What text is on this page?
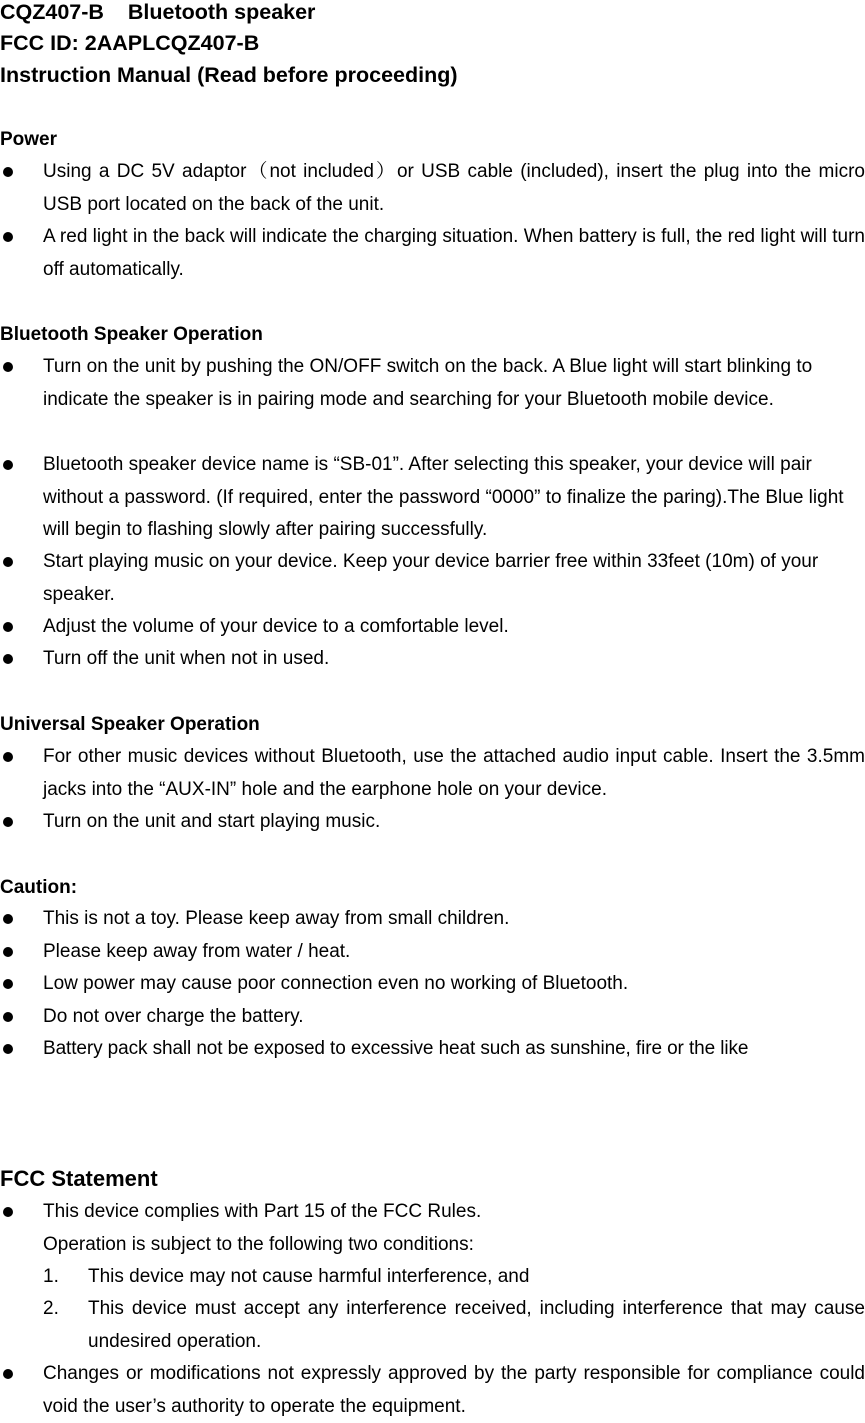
CQZ407-B Bluetooth speaker
FCC ID: 2AAPLCQZ407-B
Instruction Manual (Read before proceeding)
Power
Using a DC 5V adaptor（not included）or USB cable (included), insert the plug into the micro USB port located on the back of the unit.
A red light in the back will indicate the charging situation. When battery is full, the red light will turn off automatically.
Bluetooth Speaker Operation
Turn on the unit by pushing the ON/OFF switch on the back. A Blue light will start blinking to indicate the speaker is in pairing mode and searching for your Bluetooth mobile device.
Bluetooth speaker device name is “SB-01”. After selecting this speaker, your device will pair without a password. (If required, enter the password “0000” to finalize the paring).The Blue light will begin to flashing slowly after pairing successfully.
Start playing music on your device. Keep your device barrier free within 33feet (10m) of your speaker.
Adjust the volume of your device to a comfortable level.
Turn off the unit when not in used.
Universal Speaker Operation
For other music devices without Bluetooth, use the attached audio input cable. Insert the 3.5mm jacks into the “AUX-IN” hole and the earphone hole on your device.
Turn on the unit and start playing music.
Caution:
This is not a toy. Please keep away from small children.
Please keep away from water / heat.
Low power may cause poor connection even no working of Bluetooth.
Do not over charge the battery.
Battery pack shall not be exposed to excessive heat such as sunshine, fire or the like
FCC Statement
This device complies with Part 15 of the FCC Rules.
Operation is subject to the following two conditions:
1. This device may not cause harmful interference, and
2. This device must accept any interference received, including interference that may cause undesired operation.
Changes or modifications not expressly approved by the party responsible for compliance could void the user’s authority to operate the equipment.
